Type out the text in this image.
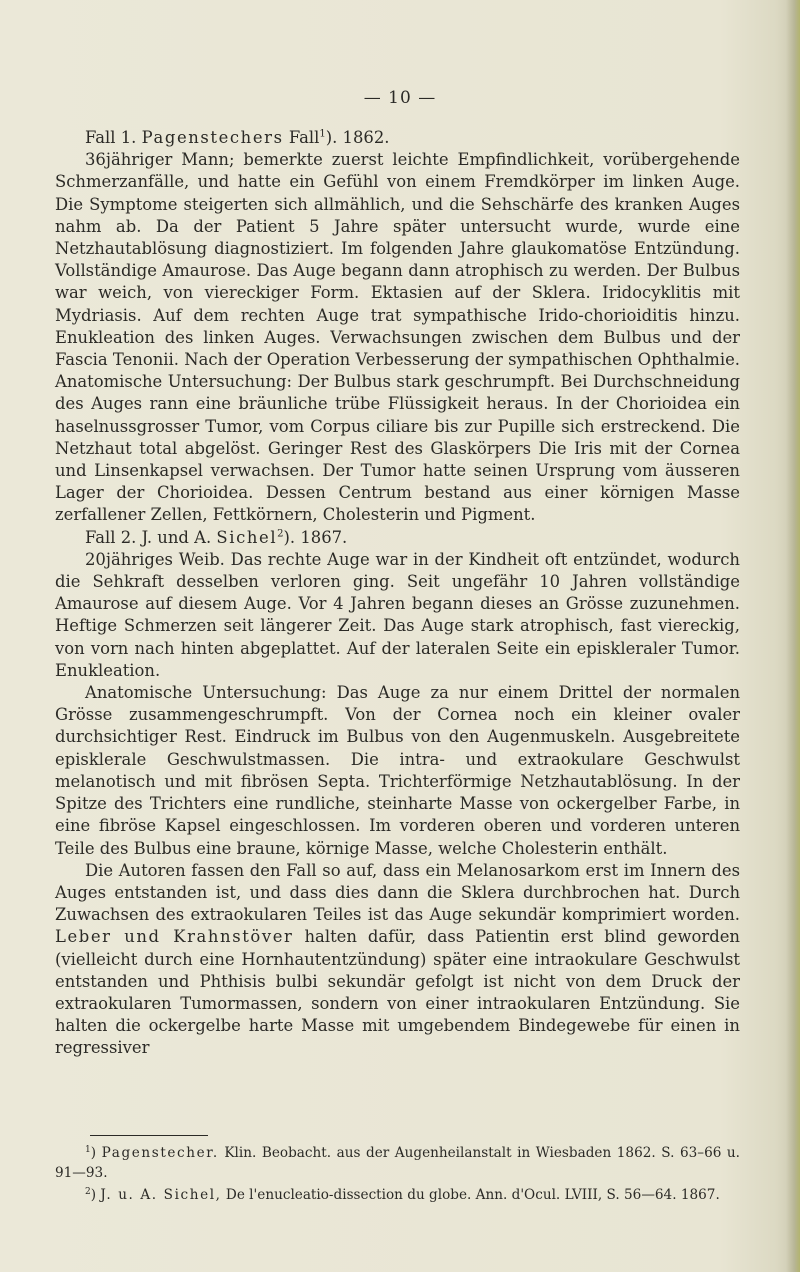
— 10 —

Fall 1. Pagenstechers Fall$^1$). 1862.

36jähriger Mann; bemerkte zuerst leichte Empfindlichkeit, vorübergehende Schmerzanfälle, und hatte ein Gefühl von einem Fremdkörper im linken Auge. Die Symptome steigerten sich allmählich, und die Sehschärfe des kranken Auges nahm ab. Da der Patient 5 Jahre später untersucht wurde, wurde eine Netzhautablösung diagnostiziert. Im folgenden Jahre glaukomatöse Entzündung. Vollständige Amaurose. Das Auge begann dann atrophisch zu werden. Der Bulbus war weich, von viereckiger Form. Ektasien auf der Sklera. Iridocyklitis mit Mydriasis. Auf dem rechten Auge trat sympathische Irido-chorioiditis hinzu. Enukleation des linken Auges. Verwachsungen zwischen dem Bulbus und der Fascia Tenonii. Nach der Operation Verbesserung der sympathischen Ophthalmie. Anatomische Untersuchung: Der Bulbus stark geschrumpft. Bei Durchschneidung des Auges rann eine bräunliche trübe Flüssigkeit heraus. In der Chorioidea ein haselnussgrosser Tumor, vom Corpus ciliare bis zur Pupille sich erstreckend. Die Netzhaut total abgelöst. Geringer Rest des Glaskörpers Die Iris mit der Cornea und Linsenkapsel verwachsen. Der Tumor hatte seinen Ursprung vom äusseren Lager der Chorioidea. Dessen Centrum bestand aus einer körnigen Masse zerfallener Zellen, Fettkörnern, Cholesterin und Pigment.

Fall 2. J. und A. Sichel$^2$). 1867.

20jähriges Weib. Das rechte Auge war in der Kindheit oft entzündet, wodurch die Sehkraft desselben verloren ging. Seit ungefähr 10 Jahren vollständige Amaurose auf diesem Auge. Vor 4 Jahren begann dieses an Grösse zuzunehmen. Heftige Schmerzen seit längerer Zeit. Das Auge stark atrophisch, fast viereckig, von vorn nach hinten abgeplattet. Auf der lateralen Seite ein episkleraler Tumor. Enukleation.

Anatomische Untersuchung: Das Auge za nur einem Drittel der normalen Grösse zusammengeschrumpft. Von der Cornea noch ein kleiner ovaler durchsichtiger Rest. Eindruck im Bulbus von den Augenmuskeln. Ausgebreitete episklerale Geschwulstmassen. Die intra- und extraokulare Geschwulst melanotisch und mit fibrösen Septa. Trichterförmige Netzhautablösung. In der Spitze des Trichters eine rundliche, steinharte Masse von ockergelber Farbe, in eine fibröse Kapsel eingeschlossen. Im vorderen oberen und vorderen unteren Teile des Bulbus eine braune, körnige Masse, welche Cholesterin enthält.

Die Autoren fassen den Fall so auf, dass ein Melanosarkom erst im Innern des Auges entstanden ist, und dass dies dann die Sklera durchbrochen hat. Durch Zuwachsen des extraokularen Teiles ist das Auge sekundär komprimiert worden. Leber und Krahnstöver halten dafür, dass Patientin erst blind geworden (vielleicht durch eine Hornhautentzündung) später eine intraokulare Geschwulst entstanden und Phthisis bulbi sekundär gefolgt ist nicht von dem Druck der extraokularen Tumormassen, sondern von einer intraokularen Entzündung. Sie halten die ockergelbe harte Masse mit umgebendem Bindegewebe für einen in regressiver

$^1$) Pagenstecher. Klin. Beobacht. aus der Augenheilanstalt in Wiesbaden 1862. S. 63–66 u. 91—93.

$^2$) J. u. A. Sichel, De l'enucleatio-dissection du globe. Ann. d'Ocul. LVIII, S. 56—64. 1867.
